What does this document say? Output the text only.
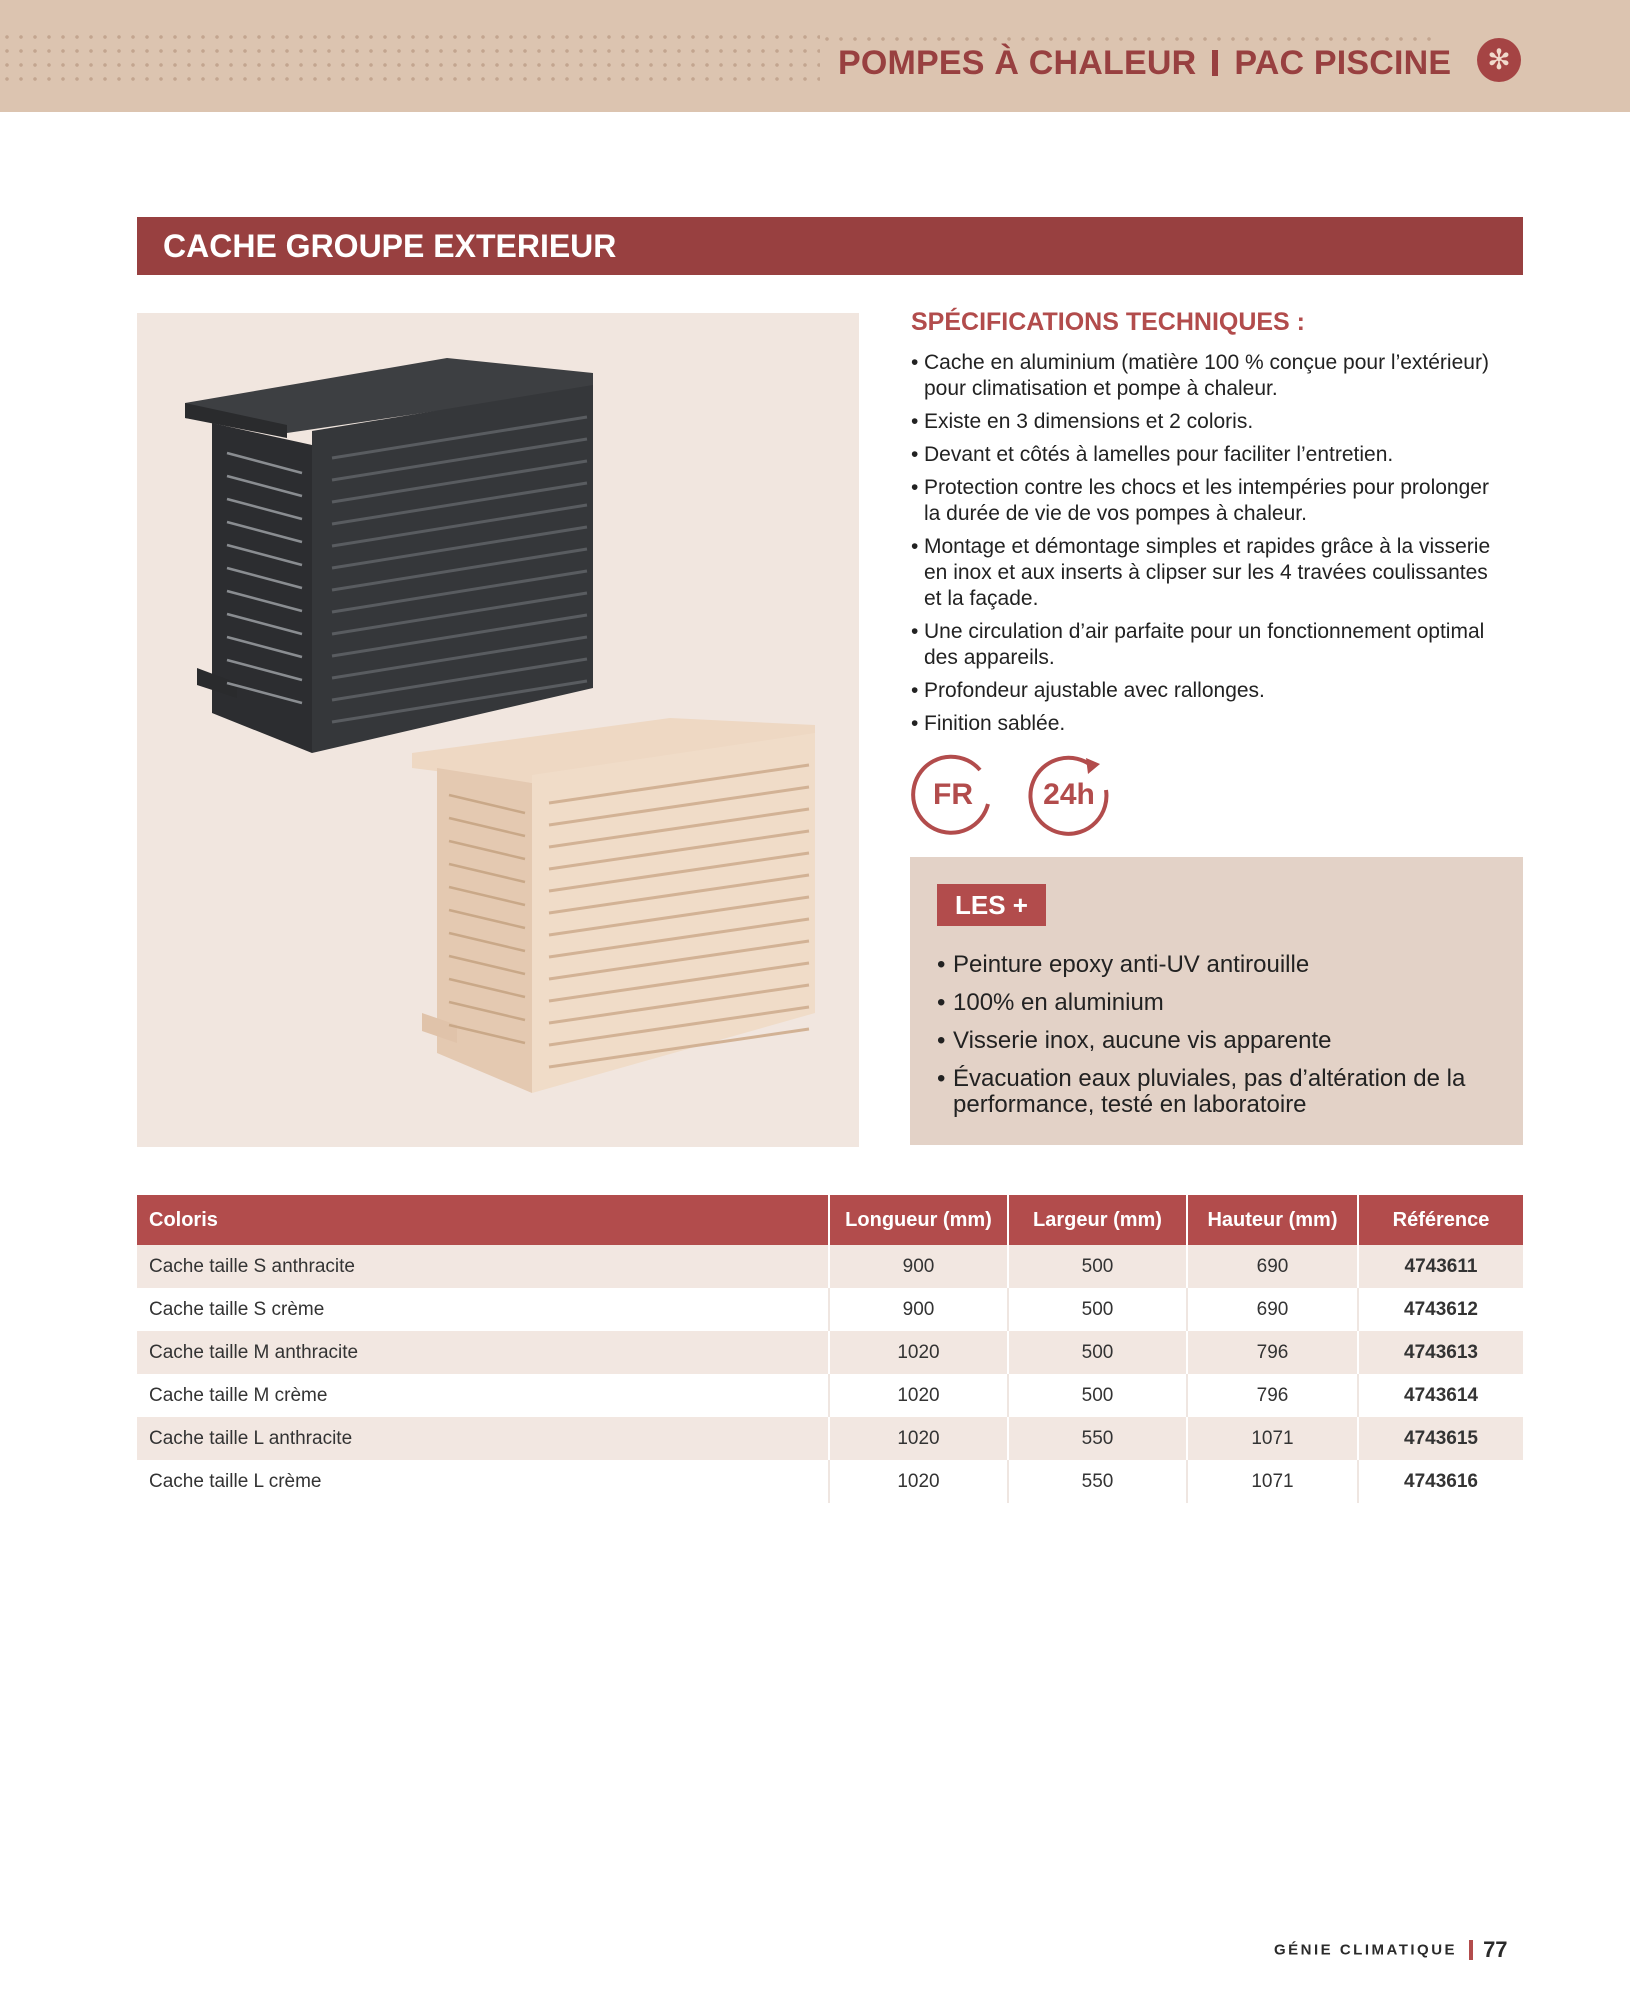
POMPES À CHALEUR PAC PISCINE	✻
CACHE GROUPE EXTERIEUR
SPÉCIFICATIONS TECHNIQUES :
• Cache en aluminium (matière 100 % conçue pour l’extérieur) pour climatisation et pompe à chaleur.
• Existe en 3 dimensions et 2 coloris.
• Devant et côtés à lamelles pour faciliter l’entretien.
• Protection contre les chocs et les intempéries pour prolonger la durée de vie de vos pompes à chaleur.
• Montage et démontage simples et rapides grâce à la visserie en inox et aux inserts à clipser sur les 4 travées coulissantes et la façade.
• Une circulation d’air parfaite pour un fonctionnement optimal des appareils.
• Profondeur ajustable avec rallonges.
• Finition sablée.
FR	24h
LES +
• Peinture epoxy anti-UV antirouille
• 100% en aluminium
• Visserie inox, aucune vis apparente
• Évacuation eaux pluviales, pas d’altération de la performance, testé en laboratoire
Coloris	Longueur (mm)	Largeur (mm)	Hauteur (mm)	Référence
Cache taille S anthracite	900	500	690	4743611
Cache taille S crème	900	500	690	4743612
Cache taille M anthracite	1020	500	796	4743613
Cache taille M crème	1020	500	796	4743614
Cache taille L anthracite	1020	550	1071	4743615
Cache taille L crème	1020	550	1071	4743616
GÉNIE CLIMATIQUE 77
